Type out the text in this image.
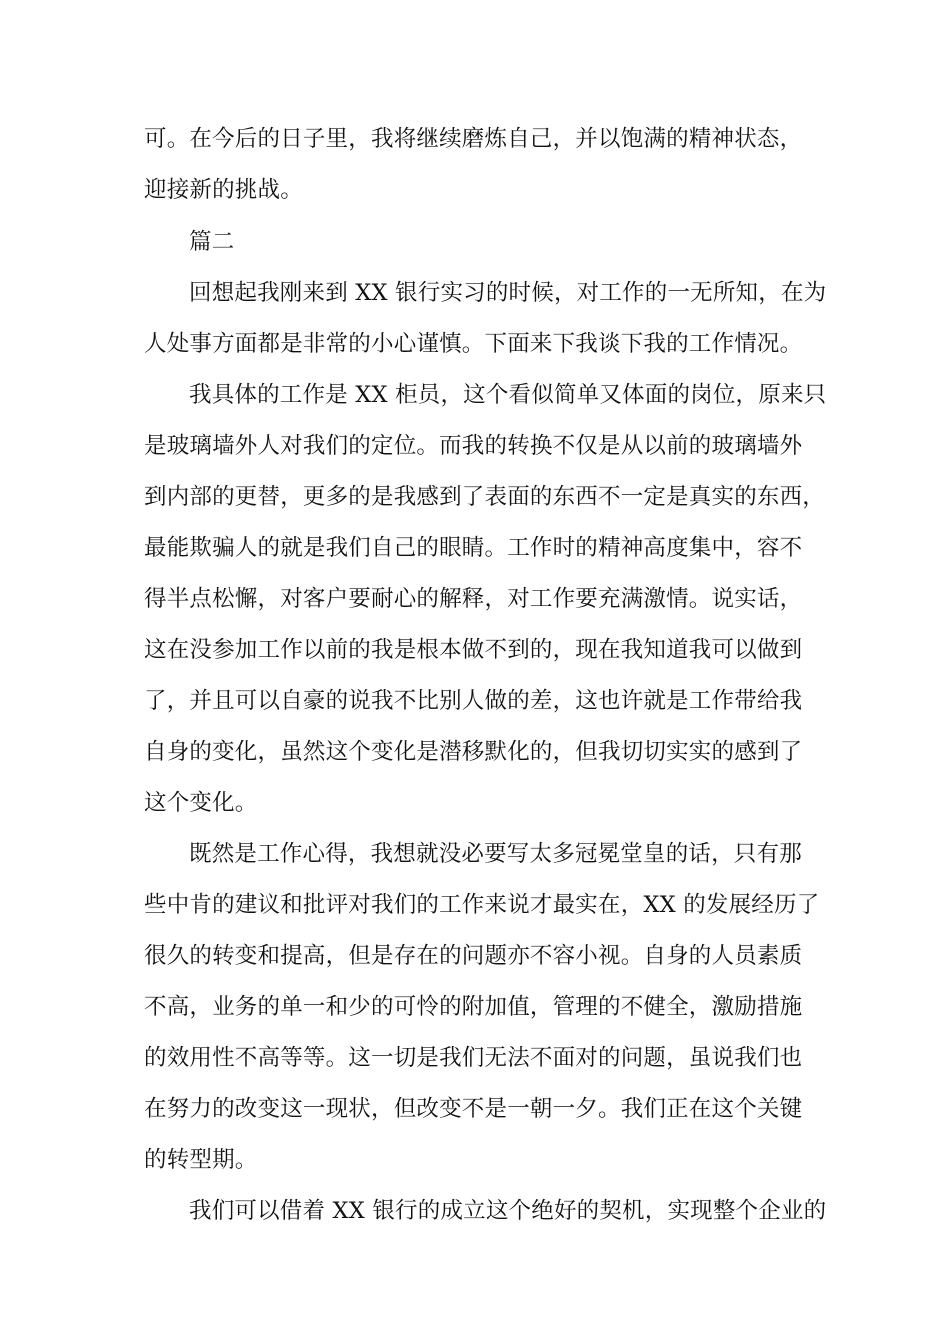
可。在今后的日子里，我将继续磨炼自己，并以饱满的精神状态，
迎接新的挑战。
篇二
回想起我刚来到 XX 银行实习的时候，对工作的一无所知，在为
人处事方面都是非常的小心谨慎。下面来下我谈下我的工作情况。
我具体的工作是 XX 柜员，这个看似简单又体面的岗位，原来只
是玻璃墙外人对我们的定位。而我的转换不仅是从以前的玻璃墙外
到内部的更替，更多的是我感到了表面的东西不一定是真实的东西，
最能欺骗人的就是我们自己的眼睛。工作时的精神高度集中，容不
得半点松懈，对客户要耐心的解释，对工作要充满激情。说实话，
这在没参加工作以前的我是根本做不到的，现在我知道我可以做到
了，并且可以自豪的说我不比别人做的差，这也许就是工作带给我
自身的变化，虽然这个变化是潜移默化的，但我切切实实的感到了
这个变化。
既然是工作心得，我想就没必要写太多冠冕堂皇的话，只有那
些中肯的建议和批评对我们的工作来说才最实在，XX 的发展经历了
很久的转变和提高，但是存在的问题亦不容小视。自身的人员素质
不高，业务的单一和少的可怜的附加值，管理的不健全，激励措施
的效用性不高等等。这一切是我们无法不面对的问题，虽说我们也
在努力的改变这一现状，但改变不是一朝一夕。我们正在这个关键
的转型期。
我们可以借着 XX 银行的成立这个绝好的契机，实现整个企业的
